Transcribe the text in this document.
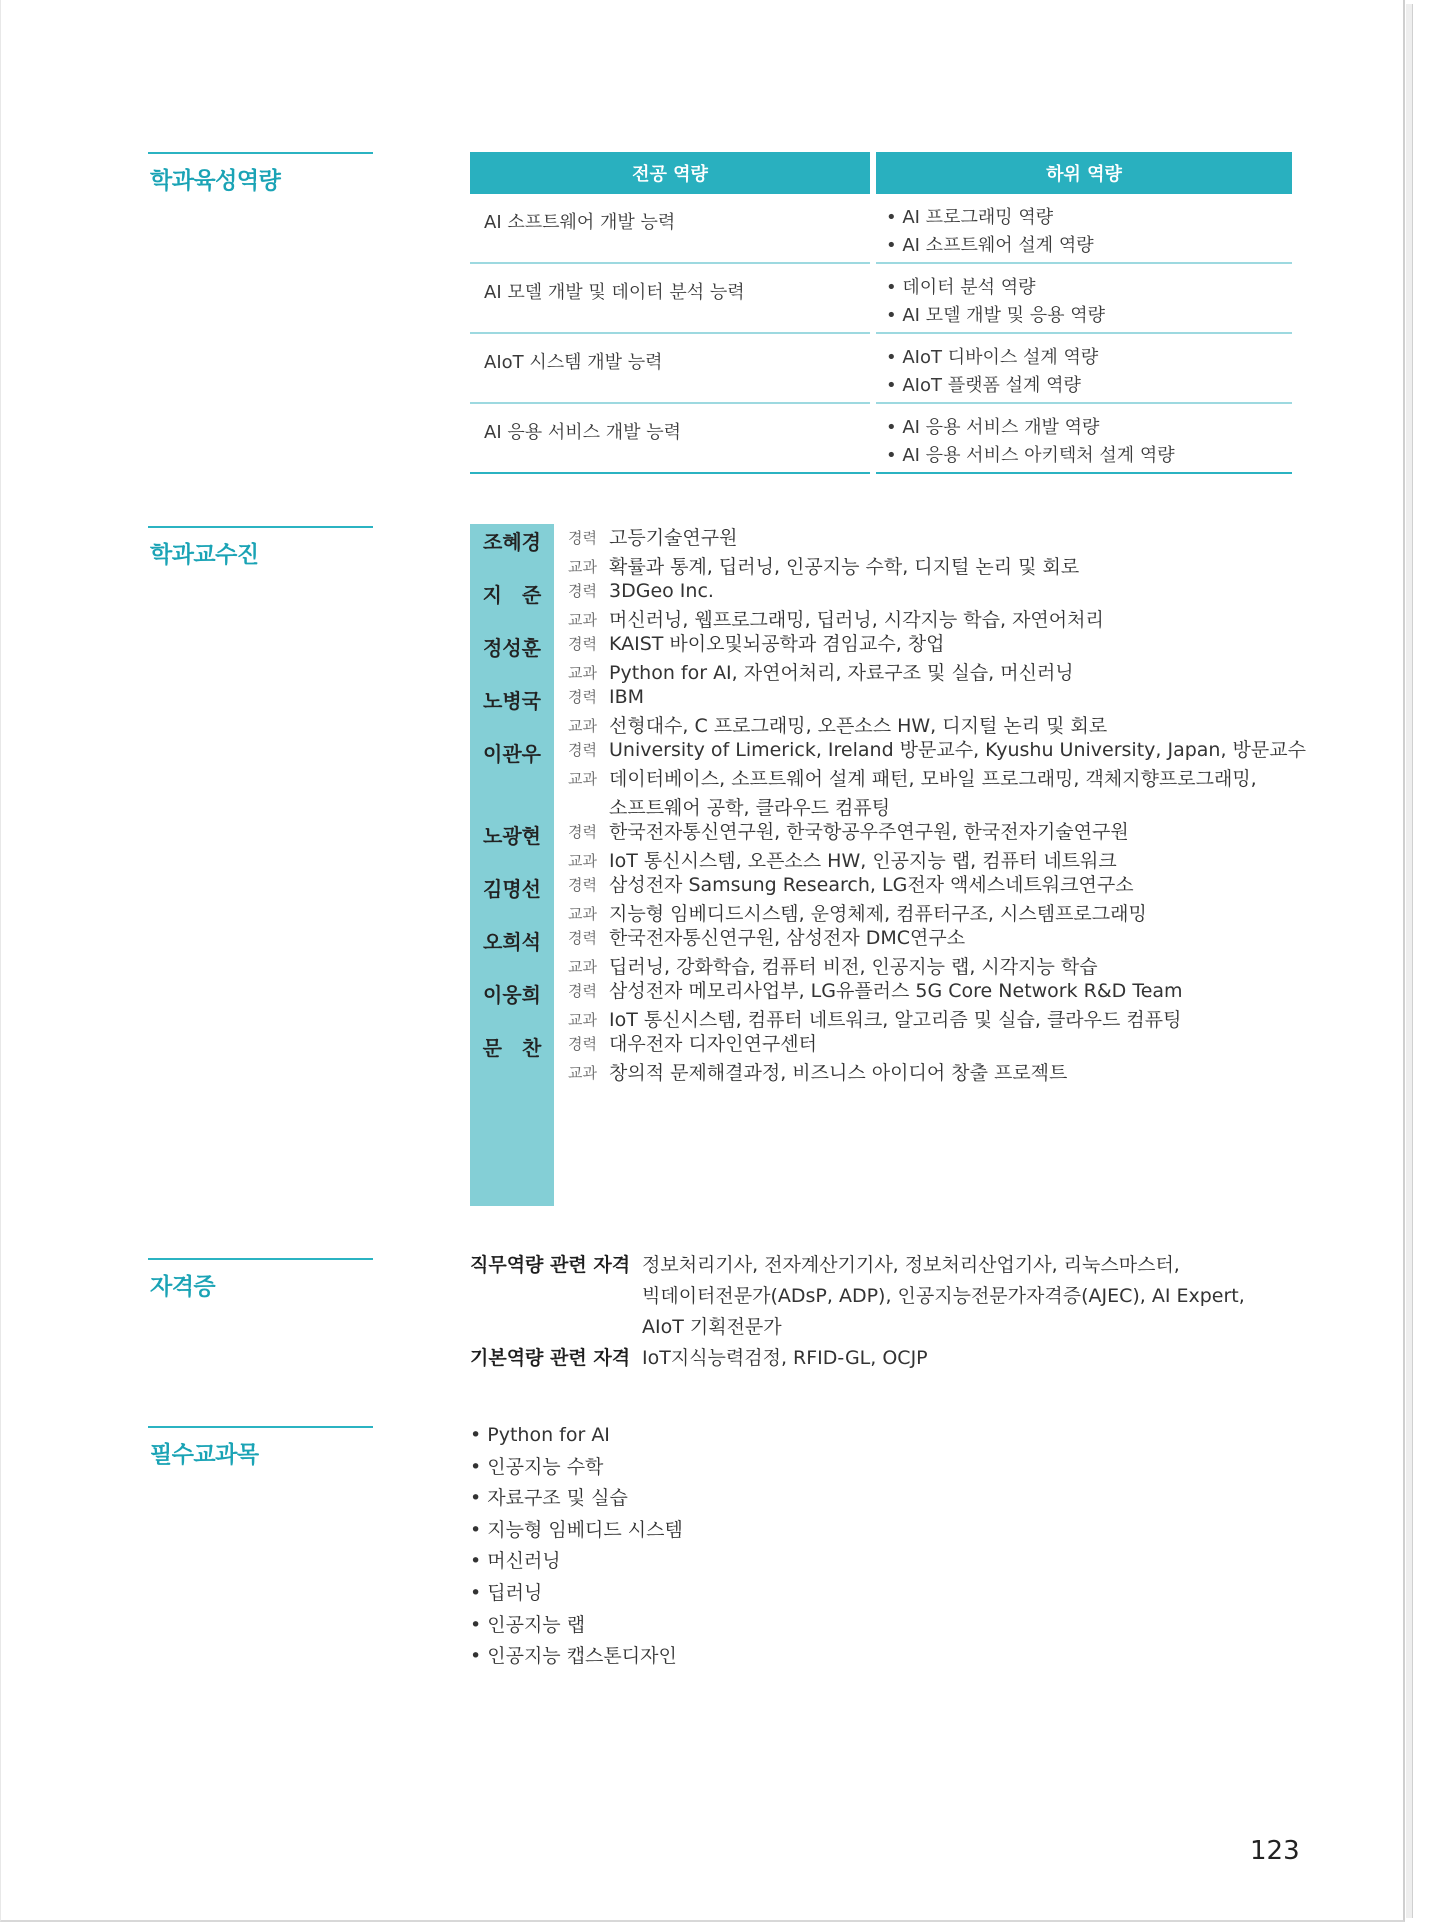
학과육성역량	전공 역량	하위 역량
AI 소프트웨어 개발 능력	• AI 프로그래밍 역량
• AI 소프트웨어 설계 역량
AI 모델 개발 및 데이터 분석 능력	• 데이터 분석 역량
• AI 모델 개발 및 응용 역량
AIoT 시스템 개발 능력	• AIoT 디바이스 설계 역량
• AIoT 플랫폼 설계 역량
AI 응용 서비스 개발 능력	• AI 응용 서비스 개발 역량
• AI 응용 서비스 아키텍처 설계 역량
학과교수진	조혜경	경력 고등기술연구원
교과 확률과 통계, 딥러닝, 인공지능 수학, 디지털 논리 및 회로
지　준	경력 3DGeo Inc.
교과 머신러닝, 웹프로그래밍, 딥러닝, 시각지능 학습, 자연어처리
정성훈	경력 KAIST 바이오및뇌공학과 겸임교수, 창업
교과 Python for AI, 자연어처리, 자료구조 및 실습, 머신러닝
노병국	경력 IBM
교과 선형대수, C 프로그래밍, 오픈소스 HW, 디지털 논리 및 회로
이관우	경력 University of Limerick, Ireland 방문교수, Kyushu University, Japan, 방문교수
교과 데이터베이스, 소프트웨어 설계 패턴, 모바일 프로그래밍, 객체지향프로그래밍,
소프트웨어 공학, 클라우드 컴퓨팅
노광현	경력 한국전자통신연구원, 한국항공우주연구원, 한국전자기술연구원
교과 IoT 통신시스템, 오픈소스 HW, 인공지능 랩, 컴퓨터 네트워크
김명선	경력 삼성전자 Samsung Research, LG전자 액세스네트워크연구소
교과 지능형 임베디드시스템, 운영체제, 컴퓨터구조, 시스템프로그래밍
오희석	경력 한국전자통신연구원, 삼성전자 DMC연구소
교과 딥러닝, 강화학습, 컴퓨터 비전, 인공지능 랩, 시각지능 학습
이웅희	경력 삼성전자 메모리사업부, LG유플러스 5G Core Network R&D Team
교과 IoT 통신시스템, 컴퓨터 네트워크, 알고리즘 및 실습, 클라우드 컴퓨팅
문　찬	경력 대우전자 디자인연구센터
교과 창의적 문제해결과정, 비즈니스 아이디어 창출 프로젝트
자격증
직무역량 관련 자격 정보처리기사, 전자계산기기사, 정보처리산업기사, 리눅스마스터,
빅데이터전문가(ADsP, ADP), 인공지능전문가자격증(AJEC), AI Expert,
AIoT 기획전문가
기본역량 관련 자격 IoT지식능력검정, RFID-GL, OCJP
필수교과목
• Python for AI
• 인공지능 수학
• 자료구조 및 실습
• 지능형 임베디드 시스템
• 머신러닝
• 딥러닝
• 인공지능 랩
• 인공지능 캡스톤디자인
123
